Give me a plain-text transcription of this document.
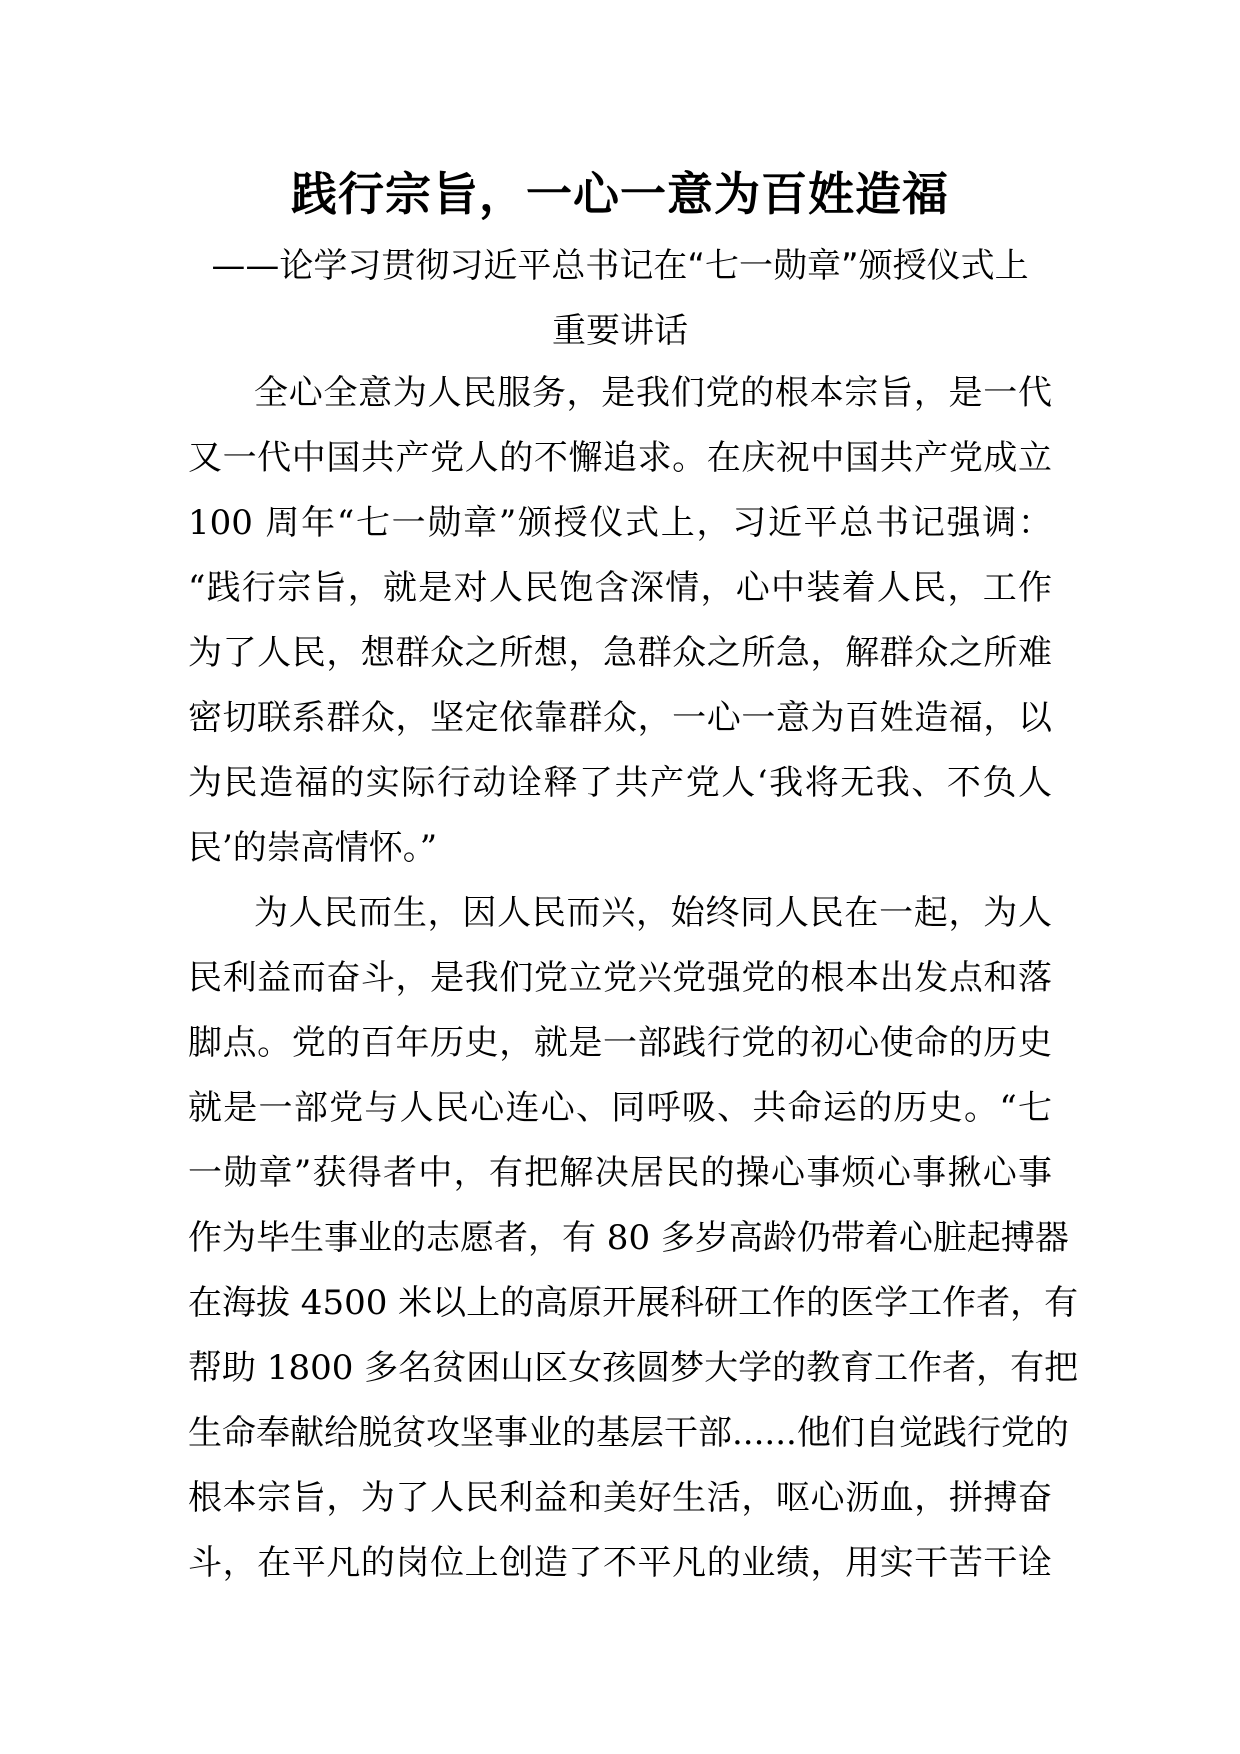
践行宗旨，一心一意为百姓造福
——论学习贯彻习近平总书记在“七一勋章”颁授仪式上
重要讲话

全心全意为人民服务，是我们党的根本宗旨，是一代
又一代中国共产党人的不懈追求。在庆祝中国共产党成立
100 周年“七一勋章”颁授仪式上，习近平总书记强调：
“践行宗旨，就是对人民饱含深情，心中装着人民，工作
为了人民，想群众之所想，急群众之所急，解群众之所难
密切联系群众，坚定依靠群众，一心一意为百姓造福，以
为民造福的实际行动诠释了共产党人‘我将无我、不负人
民’的崇高情怀。”

为人民而生，因人民而兴，始终同人民在一起，为人
民利益而奋斗，是我们党立党兴党强党的根本出发点和落
脚点。党的百年历史，就是一部践行党的初心使命的历史
就是一部党与人民心连心、同呼吸、共命运的历史。“七
一勋章”获得者中，有把解决居民的操心事烦心事揪心事
作为毕生事业的志愿者，有 80 多岁高龄仍带着心脏起搏器
在海拔 4500 米以上的高原开展科研工作的医学工作者，有
帮助 1800 多名贫困山区女孩圆梦大学的教育工作者，有把
生命奉献给脱贫攻坚事业的基层干部......他们自觉践行党的
根本宗旨，为了人民利益和美好生活，呕心沥血，拼搏奋
斗，在平凡的岗位上创造了不平凡的业绩，用实干苦干诠
